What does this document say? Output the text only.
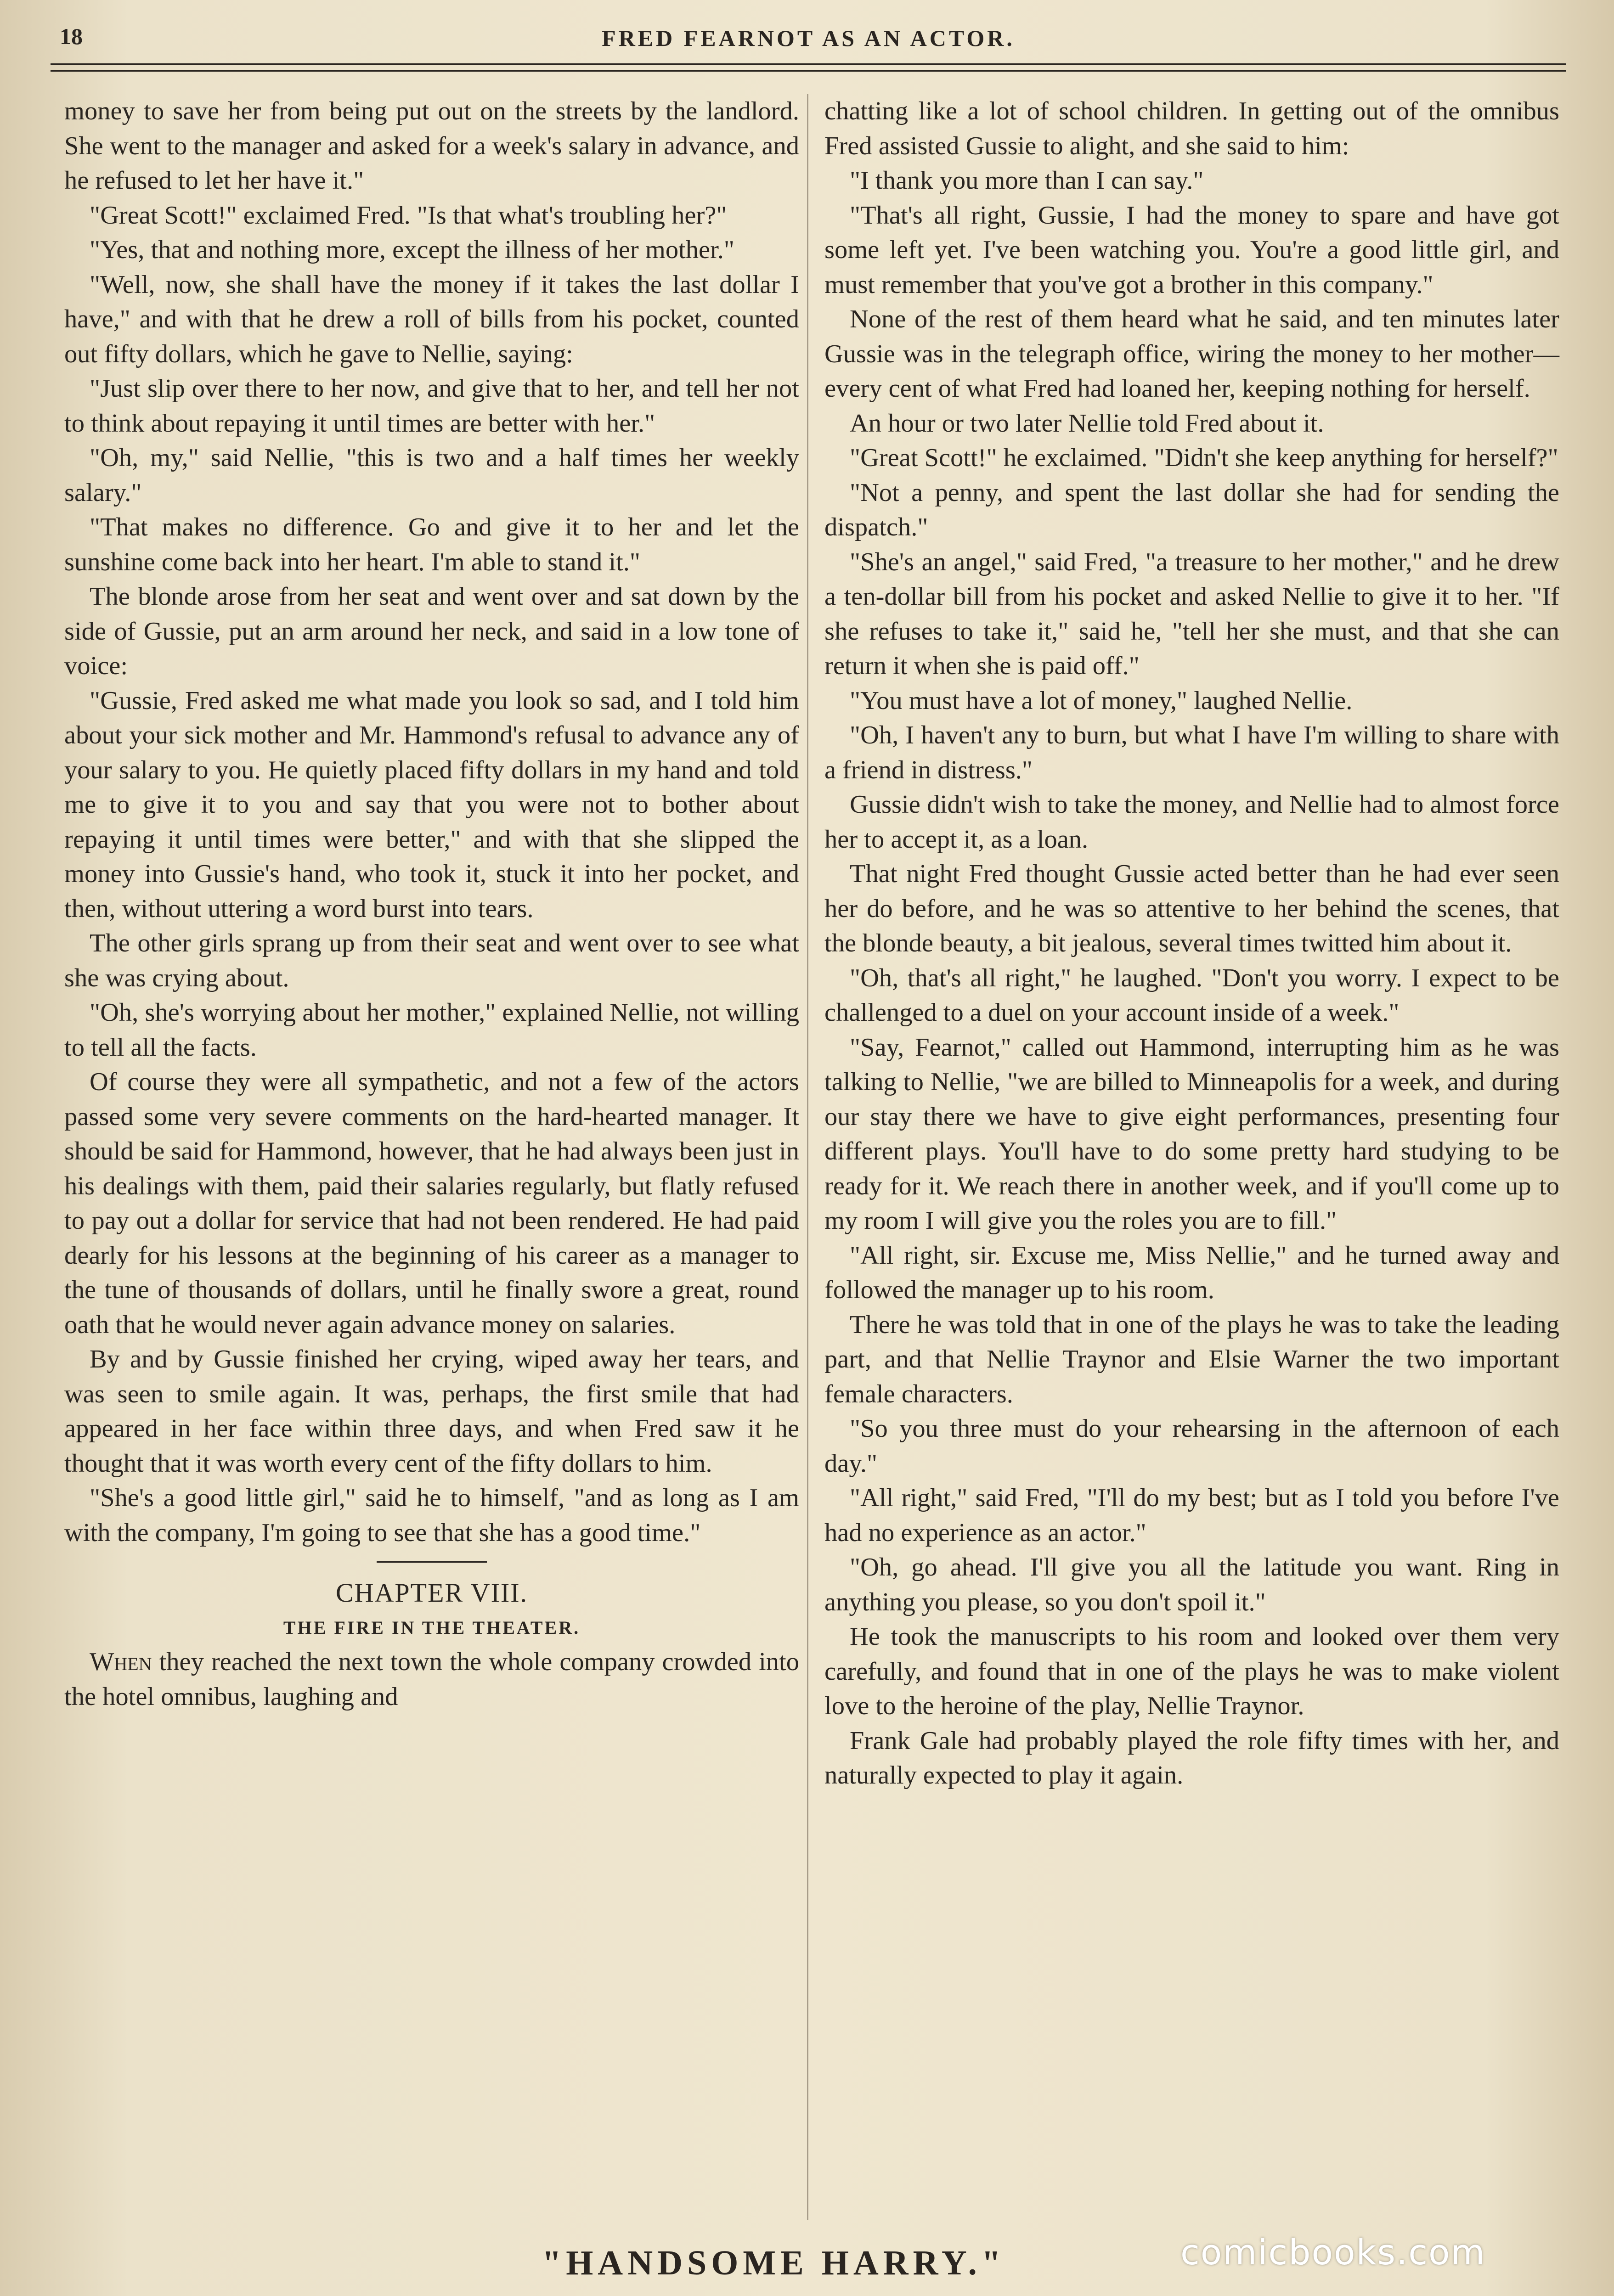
18	FRED FEARNOT AS AN ACTOR.

money to save her from being put out on the streets by the landlord. She went to the manager and asked for a week's salary in advance, and he refused to let her have it."

"Great Scott!" exclaimed Fred. "Is that what's troubling her?"

"Yes, that and nothing more, except the illness of her mother."

"Well, now, she shall have the money if it takes the last dollar I have," and with that he drew a roll of bills from his pocket, counted out fifty dollars, which he gave to Nellie, saying:

"Just slip over there to her now, and give that to her, and tell her not to think about repaying it until times are better with her."

"Oh, my," said Nellie, "this is two and a half times her weekly salary."

"That makes no difference. Go and give it to her and let the sunshine come back into her heart. I'm able to stand it."

The blonde arose from her seat and went over and sat down by the side of Gussie, put an arm around her neck, and said in a low tone of voice:

"Gussie, Fred asked me what made you look so sad, and I told him about your sick mother and Mr. Hammond's refusal to advance any of your salary to you. He quietly placed fifty dollars in my hand and told me to give it to you and say that you were not to bother about repaying it until times were better," and with that she slipped the money into Gussie's hand, who took it, stuck it into her pocket, and then, without uttering a word burst into tears.

The other girls sprang up from their seat and went over to see what she was crying about.

"Oh, she's worrying about her mother," explained Nellie, not willing to tell all the facts.

Of course they were all sympathetic, and not a few of the actors passed some very severe comments on the hard-hearted manager. It should be said for Hammond, however, that he had always been just in his dealings with them, paid their salaries regularly, but flatly refused to pay out a dollar for service that had not been rendered. He had paid dearly for his lessons at the beginning of his career as a manager to the tune of thousands of dollars, until he finally swore a great, round oath that he would never again advance money on salaries.

By and by Gussie finished her crying, wiped away her tears, and was seen to smile again. It was, perhaps, the first smile that had appeared in her face within three days, and when Fred saw it he thought that it was worth every cent of the fifty dollars to him.

"She's a good little girl," said he to himself, "and as long as I am with the company, I'm going to see that she has a good time."

CHAPTER VIII.

THE FIRE IN THE THEATER.

When they reached the next town the whole company crowded into the hotel omnibus, laughing and

chatting like a lot of school children. In getting out of the omnibus Fred assisted Gussie to alight, and she said to him:

"I thank you more than I can say."

"That's all right, Gussie, I had the money to spare and have got some left yet. I've been watching you. You're a good little girl, and must remember that you've got a brother in this company."

None of the rest of them heard what he said, and ten minutes later Gussie was in the telegraph office, wiring the money to her mother—every cent of what Fred had loaned her, keeping nothing for herself.

An hour or two later Nellie told Fred about it.

"Great Scott!" he exclaimed. "Didn't she keep anything for herself?"

"Not a penny, and spent the last dollar she had for sending the dispatch."

"She's an angel," said Fred, "a treasure to her mother," and he drew a ten-dollar bill from his pocket and asked Nellie to give it to her. "If she refuses to take it," said he, "tell her she must, and that she can return it when she is paid off."

"You must have a lot of money," laughed Nellie.

"Oh, I haven't any to burn, but what I have I'm willing to share with a friend in distress."

Gussie didn't wish to take the money, and Nellie had to almost force her to accept it, as a loan.

That night Fred thought Gussie acted better than he had ever seen her do before, and he was so attentive to her behind the scenes, that the blonde beauty, a bit jealous, several times twitted him about it.

"Oh, that's all right," he laughed. "Don't you worry. I expect to be challenged to a duel on your account inside of a week."

"Say, Fearnot," called out Hammond, interrupting him as he was talking to Nellie, "we are billed to Minneapolis for a week, and during our stay there we have to give eight performances, presenting four different plays. You'll have to do some pretty hard studying to be ready for it. We reach there in another week, and if you'll come up to my room I will give you the roles you are to fill."

"All right, sir. Excuse me, Miss Nellie," and he turned away and followed the manager up to his room.

There he was told that in one of the plays he was to take the leading part, and that Nellie Traynor and Elsie Warner the two important female characters.

"So you three must do your rehearsing in the afternoon of each day."

"All right," said Fred, "I'll do my best; but as I told you before I've had no experience as an actor."

"Oh, go ahead. I'll give you all the latitude you want. Ring in anything you please, so you don't spoil it."

He took the manuscripts to his room and looked over them very carefully, and found that in one of the plays he was to make violent love to the heroine of the play, Nellie Traynor.

Frank Gale had probably played the role fifty times with her, and naturally expected to play it again.

"HANDSOME HARRY."	comicbooks.com
